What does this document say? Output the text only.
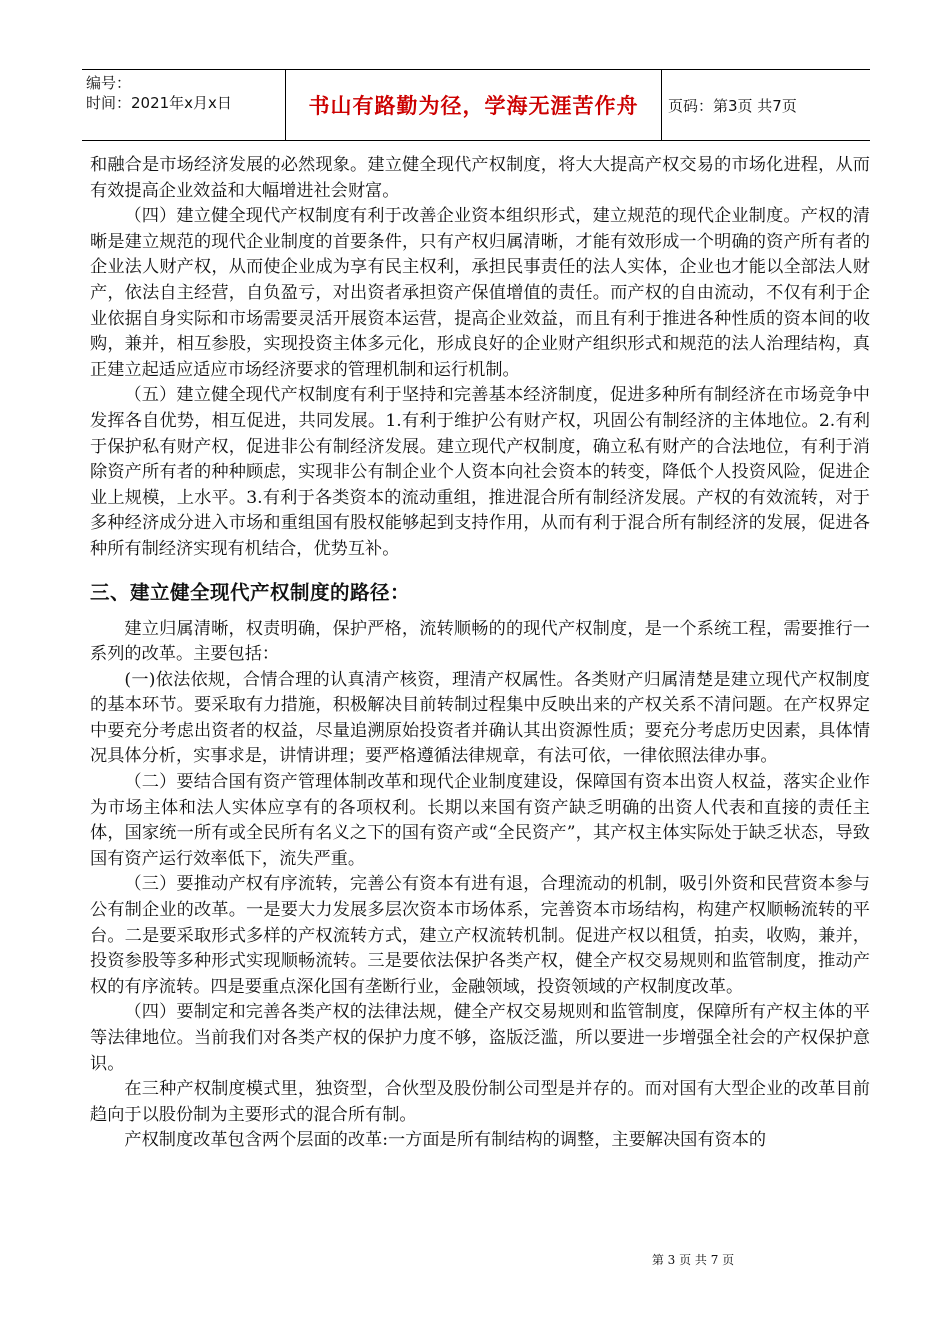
编号：
时间：2021年x月x日	书山有路勤为径，学海无涯苦作舟 页码：第3页 共7页

和融合是市场经济发展的必然现象。建立健全现代产权制度，将大大提高产权交易的市场化进程，从而有效提高企业效益和大幅增进社会财富。

（四）建立健全现代产权制度有利于改善企业资本组织形式，建立规范的现代企业制度。产权的清晰是建立规范的现代企业制度的首要条件，只有产权归属清晰，才能有效形成一个明确的资产所有者的企业法人财产权，从而使企业成为享有民主权利，承担民事责任的法人实体，企业也才能以全部法人财产，依法自主经营，自负盈亏，对出资者承担资产保值增值的责任。而产权的自由流动，不仅有利于企业依据自身实际和市场需要灵活开展资本运营，提高企业效益，而且有利于推进各种性质的资本间的收购，兼并，相互参股，实现投资主体多元化，形成良好的企业财产组织形式和规范的法人治理结构，真正建立起适应适应市场经济要求的管理机制和运行机制。

（五）建立健全现代产权制度有利于坚持和完善基本经济制度，促进多种所有制经济在市场竞争中发挥各自优势，相互促进，共同发展。1.有利于维护公有财产权，巩固公有制经济的主体地位。2.有利于保护私有财产权，促进非公有制经济发展。建立现代产权制度，确立私有财产的合法地位，有利于消除资产所有者的种种顾虑，实现非公有制企业个人资本向社会资本的转变，降低个人投资风险，促进企业上规模，上水平。3.有利于各类资本的流动重组，推进混合所有制经济发展。产权的有效流转，对于多种经济成分进入市场和重组国有股权能够起到支持作用，从而有利于混合所有制经济的发展，促进各种所有制经济实现有机结合，优势互补。

三、建立健全现代产权制度的路径：

建立归属清晰，权责明确，保护严格，流转顺畅的的现代产权制度，是一个系统工程，需要推行一系列的改革。主要包括：

(一)依法依规，合情合理的认真清产核资，理清产权属性。各类财产归属清楚是建立现代产权制度的基本环节。要采取有力措施，积极解决目前转制过程集中反映出来的产权关系不清问题。在产权界定中要充分考虑出资者的权益，尽量追溯原始投资者并确认其出资源性质；要充分考虑历史因素，具体情况具体分析，实事求是，讲情讲理；要严格遵循法律规章，有法可依，一律依照法律办事。

（二）要结合国有资产管理体制改革和现代企业制度建设，保障国有资本出资人权益，落实企业作为市场主体和法人实体应享有的各项权利。长期以来国有资产缺乏明确的出资人代表和直接的责任主体，国家统一所有或全民所有名义之下的国有资产或“全民资产”，其产权主体实际处于缺乏状态，导致国有资产运行效率低下，流失严重。

（三）要推动产权有序流转，完善公有资本有进有退，合理流动的机制，吸引外资和民营资本参与公有制企业的改革。一是要大力发展多层次资本市场体系，完善资本市场结构，构建产权顺畅流转的平台。二是要采取形式多样的产权流转方式，建立产权流转机制。促进产权以租赁，拍卖，收购，兼并，投资参股等多种形式实现顺畅流转。三是要依法保护各类产权，健全产权交易规则和监管制度，推动产权的有序流转。四是要重点深化国有垄断行业，金融领域，投资领域的产权制度改革。

（四）要制定和完善各类产权的法律法规，健全产权交易规则和监管制度，保障所有产权主体的平等法律地位。当前我们对各类产权的保护力度不够，盗版泛滥，所以要进一步增强全社会的产权保护意识。

在三种产权制度模式里，独资型，合伙型及股份制公司型是并存的。而对国有大型企业的改革目前趋向于以股份制为主要形式的混合所有制。

产权制度改革包含两个层面的改革:一方面是所有制结构的调整，主要解决国有资本的

第 3 页 共 7 页
